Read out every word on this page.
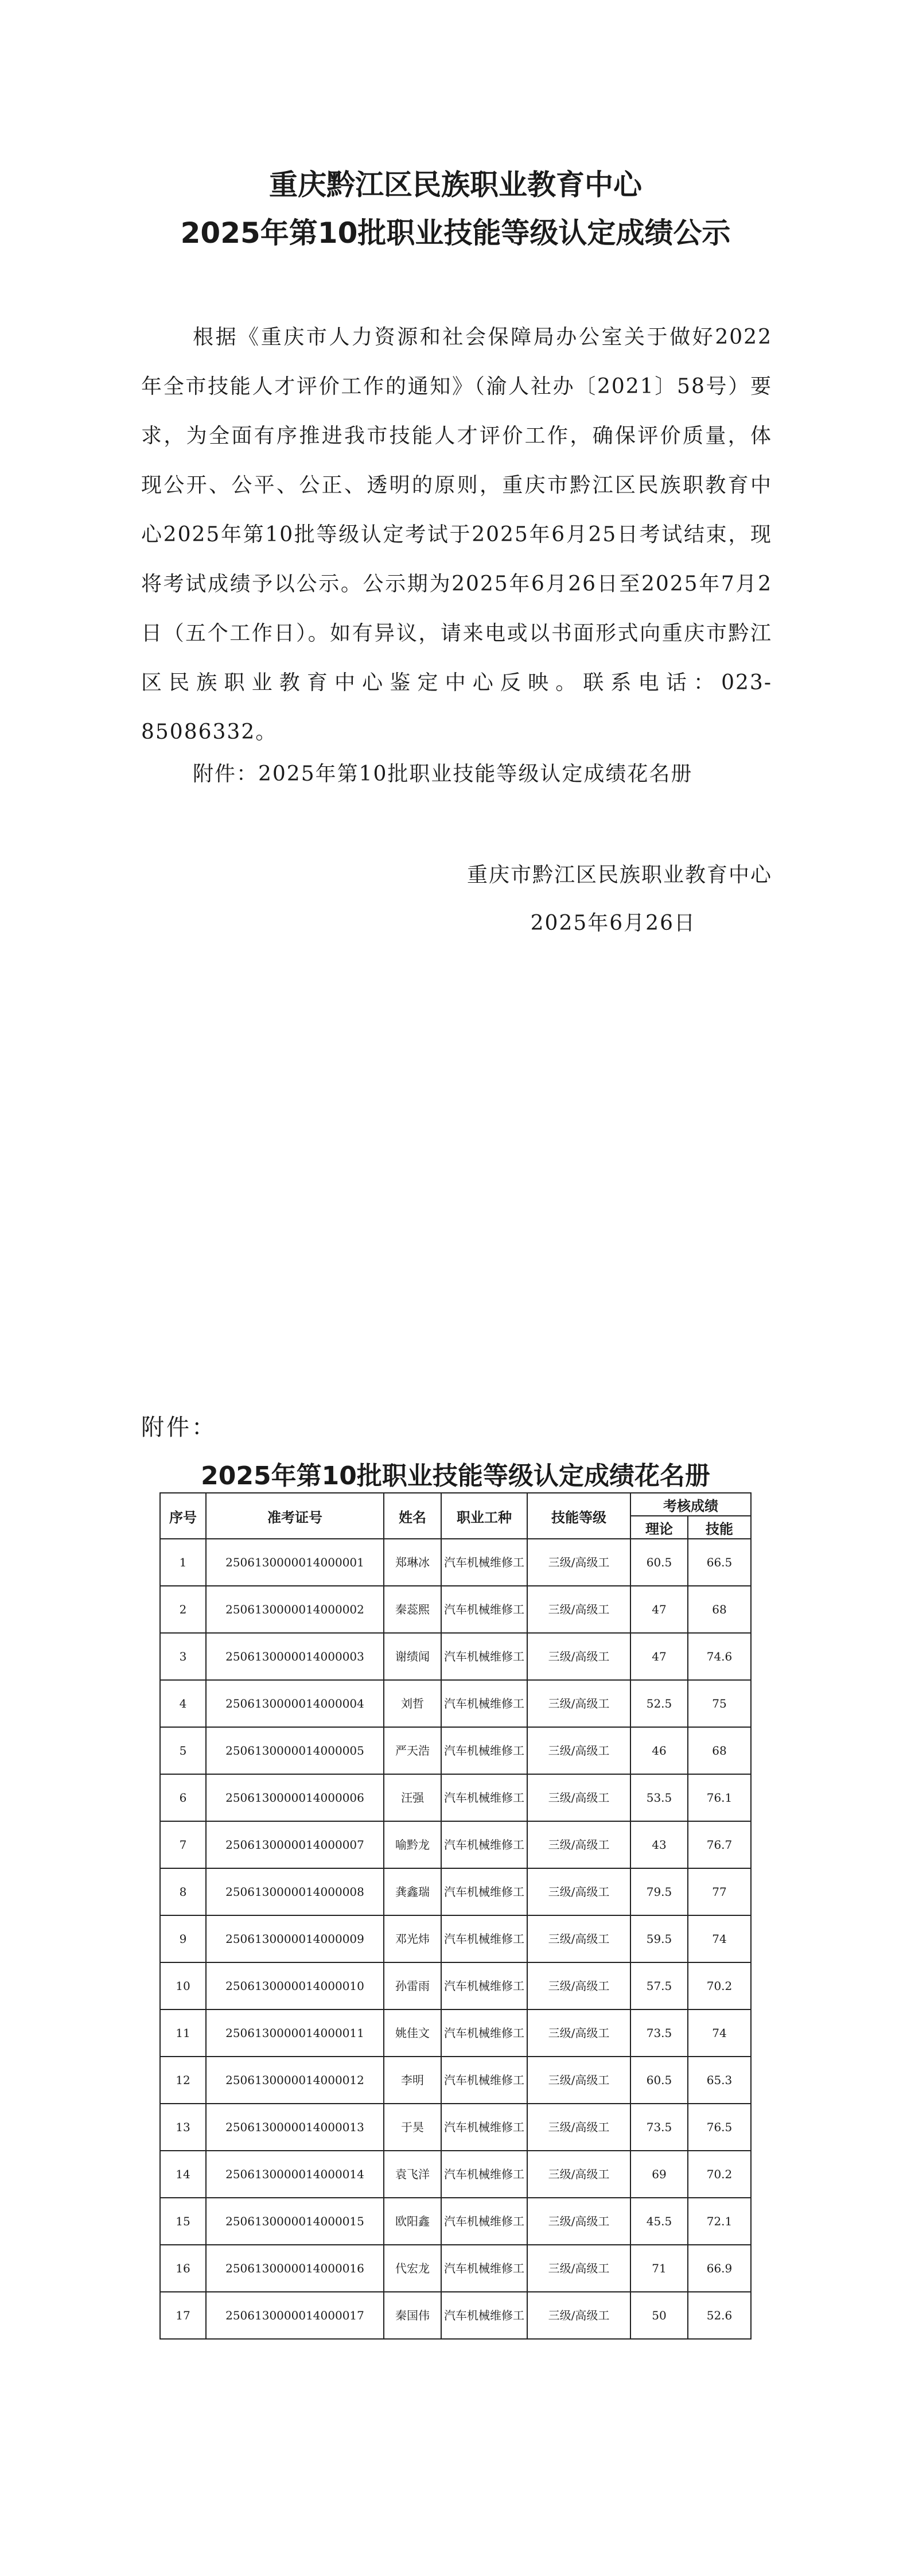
重庆黔江区民族职业教育中心
2025年第10批职业技能等级认定成绩公示

根据《重庆市人力资源和社会保障局办公室关于做好2022年全市技能人才评价工作的通知》（渝人社办〔2021〕58号）要求，为全面有序推进我市技能人才评价工作，确保评价质量，体现公开、公平、公正、透明的原则，重庆市黔江区民族职教育中心2025年第10批等级认定考试于2025年6月25日考试结束，现将考试成绩予以公示。公示期为2025年6月26日至2025年7月2日（五个工作日）。如有异议，请来电或以书面形式向重庆市黔江区民族职业教育中心鉴定中心反映。联系电话：023-85086332。

附件：2025年第10批职业技能等级认定成绩花名册
重庆市黔江区民族职业教育中心
2025年6月26日
附件：
2025年第10批职业技能等级认定成绩花名册
序号	准考证号	姓名	职业工种	技能等级	考核成绩	
					理论	技能
1	2506130000014000001	郑琳冰	汽车机械维修工	三级/高级工	60.5	66.5
2	2506130000014000002	秦蕊熙	汽车机械维修工	三级/高级工	47	68
3	2506130000014000003	谢绩闻	汽车机械维修工	三级/高级工	47	74.6
4	2506130000014000004	刘哲	汽车机械维修工	三级/高级工	52.5	75
5	2506130000014000005	严天浩	汽车机械维修工	三级/高级工	46	68
6	2506130000014000006	汪强	汽车机械维修工	三级/高级工	53.5	76.1
7	2506130000014000007	喻黔龙	汽车机械维修工	三级/高级工	43	76.7
8	2506130000014000008	龚鑫瑞	汽车机械维修工	三级/高级工	79.5	77
9	2506130000014000009	邓光炜	汽车机械维修工	三级/高级工	59.5	74
10	2506130000014000010	孙雷雨	汽车机械维修工	三级/高级工	57.5	70.2
11	2506130000014000011	姚佳文	汽车机械维修工	三级/高级工	73.5	74
12	2506130000014000012	李明	汽车机械维修工	三级/高级工	60.5	65.3
13	2506130000014000013	于昊	汽车机械维修工	三级/高级工	73.5	76.5
14	2506130000014000014	袁飞洋	汽车机械维修工	三级/高级工	69	70.2
15	2506130000014000015	欧阳鑫	汽车机械维修工	三级/高级工	45.5	72.1
16	2506130000014000016	代宏龙	汽车机械维修工	三级/高级工	71	66.9
17	2506130000014000017	秦国伟	汽车机械维修工	三级/高级工	50	52.6
